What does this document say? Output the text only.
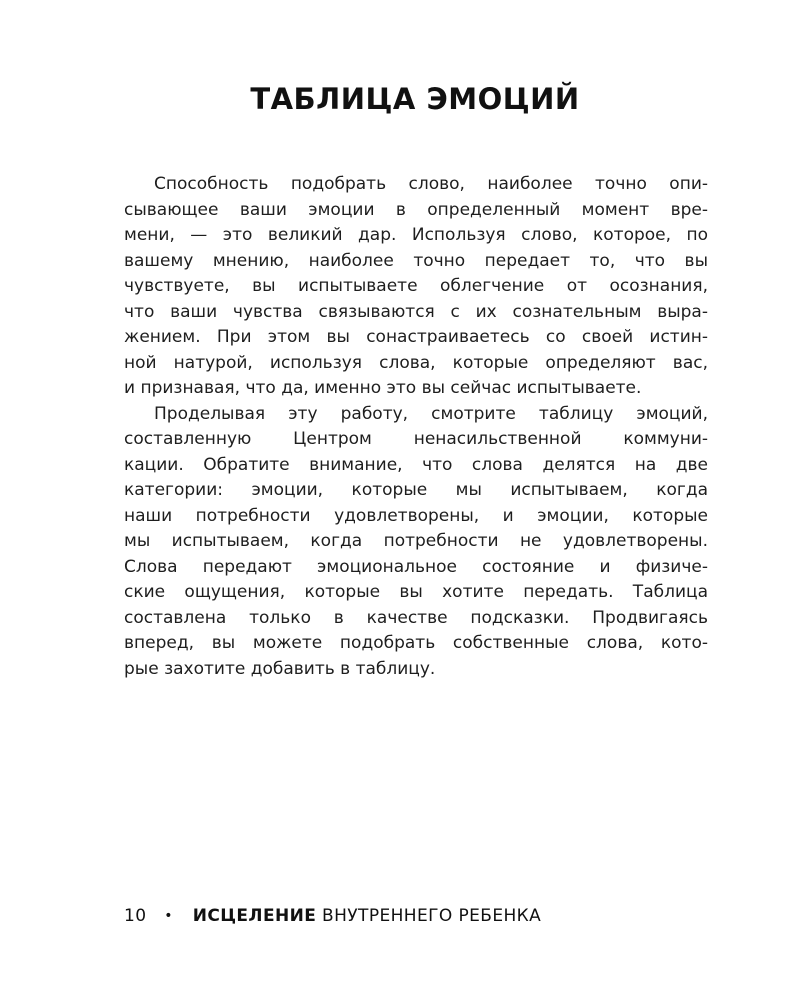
ТАБЛИЦА ЭМОЦИЙ
Способность подобрать слово, наиболее точно опи-
сывающее ваши эмоции в определенный момент вре-
мени, — это великий дар. Используя слово, которое, по
вашему мнению, наиболее точно передает то, что вы
чувствуете, вы испытываете облегчение от осознания,
что ваши чувства связываются с их сознательным выра-
жением. При этом вы сонастраиваетесь со своей истин-
ной натурой, используя слова, которые определяют вас,
и признавая, что да, именно это вы сейчас испытываете.
Проделывая эту работу, смотрите таблицу эмоций,
составленную Центром ненасильственной коммуни-
кации. Обратите внимание, что слова делятся на две
категории: эмоции, которые мы испытываем, когда
наши потребности удовлетворены, и эмоции, которые
мы испытываем, когда потребности не удовлетворены.
Слова передают эмоциональное состояние и физиче-
ские ощущения, которые вы хотите передать. Таблица
составлена только в качестве подсказки. Продвигаясь
вперед, вы можете подобрать собственные слова, кото-
рые захотите добавить в таблицу.
10 • ИСЦЕЛЕНИЕ ВНУТРЕННЕГО РЕБЕНКА
